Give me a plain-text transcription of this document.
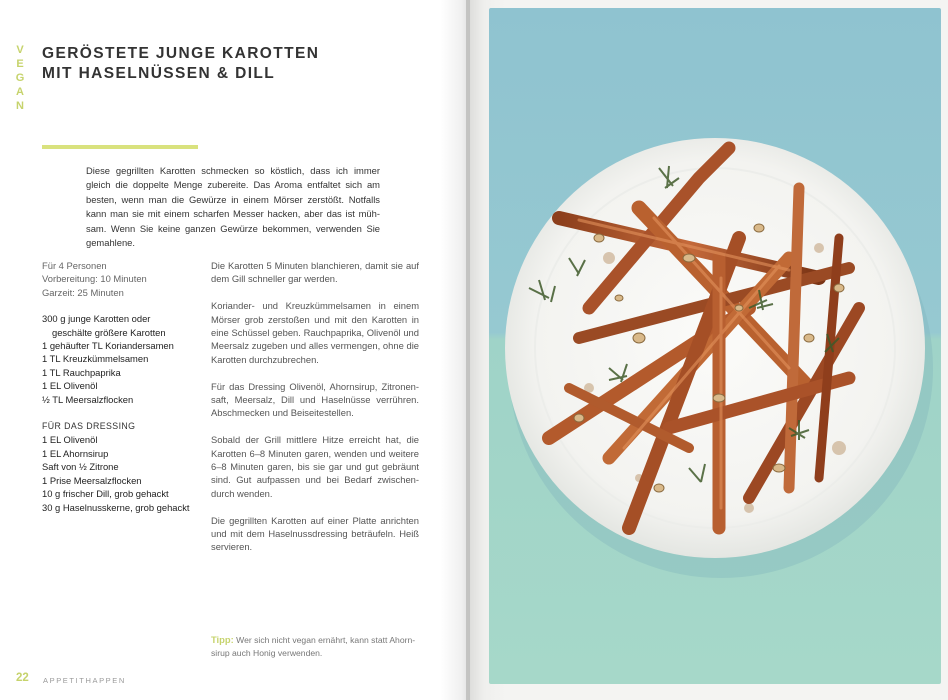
VEGAN GERÖSTETE JUNGE KAROTTEN
MIT HASELNÜSSEN & DILL

Diese gegrillten Karotten schmecken so köstlich, dass ich immer gleich die doppelte Menge zubereite. Das Aroma entfaltet sich am besten, wenn man die Gewürze in einem Mörser zerstößt. Notfalls kann man sie mit einem scharfen Messer hacken, aber das ist mühsam. Wenn Sie keine ganzen Gewürze bekommen, verwenden Sie gemahlene.

Für 4 Personen
Vorbereitung: 10 Minuten
Garzeit: 25 Minuten
300 g junge Karotten oder
geschälte größere Karotten
1 gehäufter TL Koriandersamen
1 TL Kreuzkümmelsamen
1 TL Rauchpaprika
1 EL Olivenöl
½ TL Meersalzflocken
FÜR DAS DRESSING
1 EL Olivenöl
1 EL Ahornsirup
Saft von ½ Zitrone
1 Prise Meersalzflocken
10 g frischer Dill, grob gehackt
30 g Haselnusskerne, grob gehackt

Die Karotten 5 Minuten blanchieren, damit sie auf dem Gill schneller gar werden.

Koriander- und Kreuzkümmelsamen in einem Mörser grob zerstoßen und mit den Karotten in eine Schüssel geben. Rauchpaprika, Olivenöl und Meersalz zugeben und alles vermengen, ohne die Karotten durchzubrechen.

Für das Dressing Olivenöl, Ahornsirup, Zitronensaft, Meersalz, Dill und Haselnüsse verrühren. Abschmecken und Beiseitestellen.

Sobald der Grill mittlere Hitze erreicht hat, die Karotten 6–8 Minuten garen, wenden und weitere 6–8 Minuten garen, bis sie gar und gut gebräunt sind. Gut aufpassen und bei Bedarf zwischendurch wenden.

Die gegrillten Karotten auf einer Platte anrichten und mit dem Haselnussdressing beträufeln. Heiß servieren.

Tipp: Wer sich nicht vegan ernährt, kann statt Ahornsirup auch Honig verwenden.

22 APPETITHAPPEN
